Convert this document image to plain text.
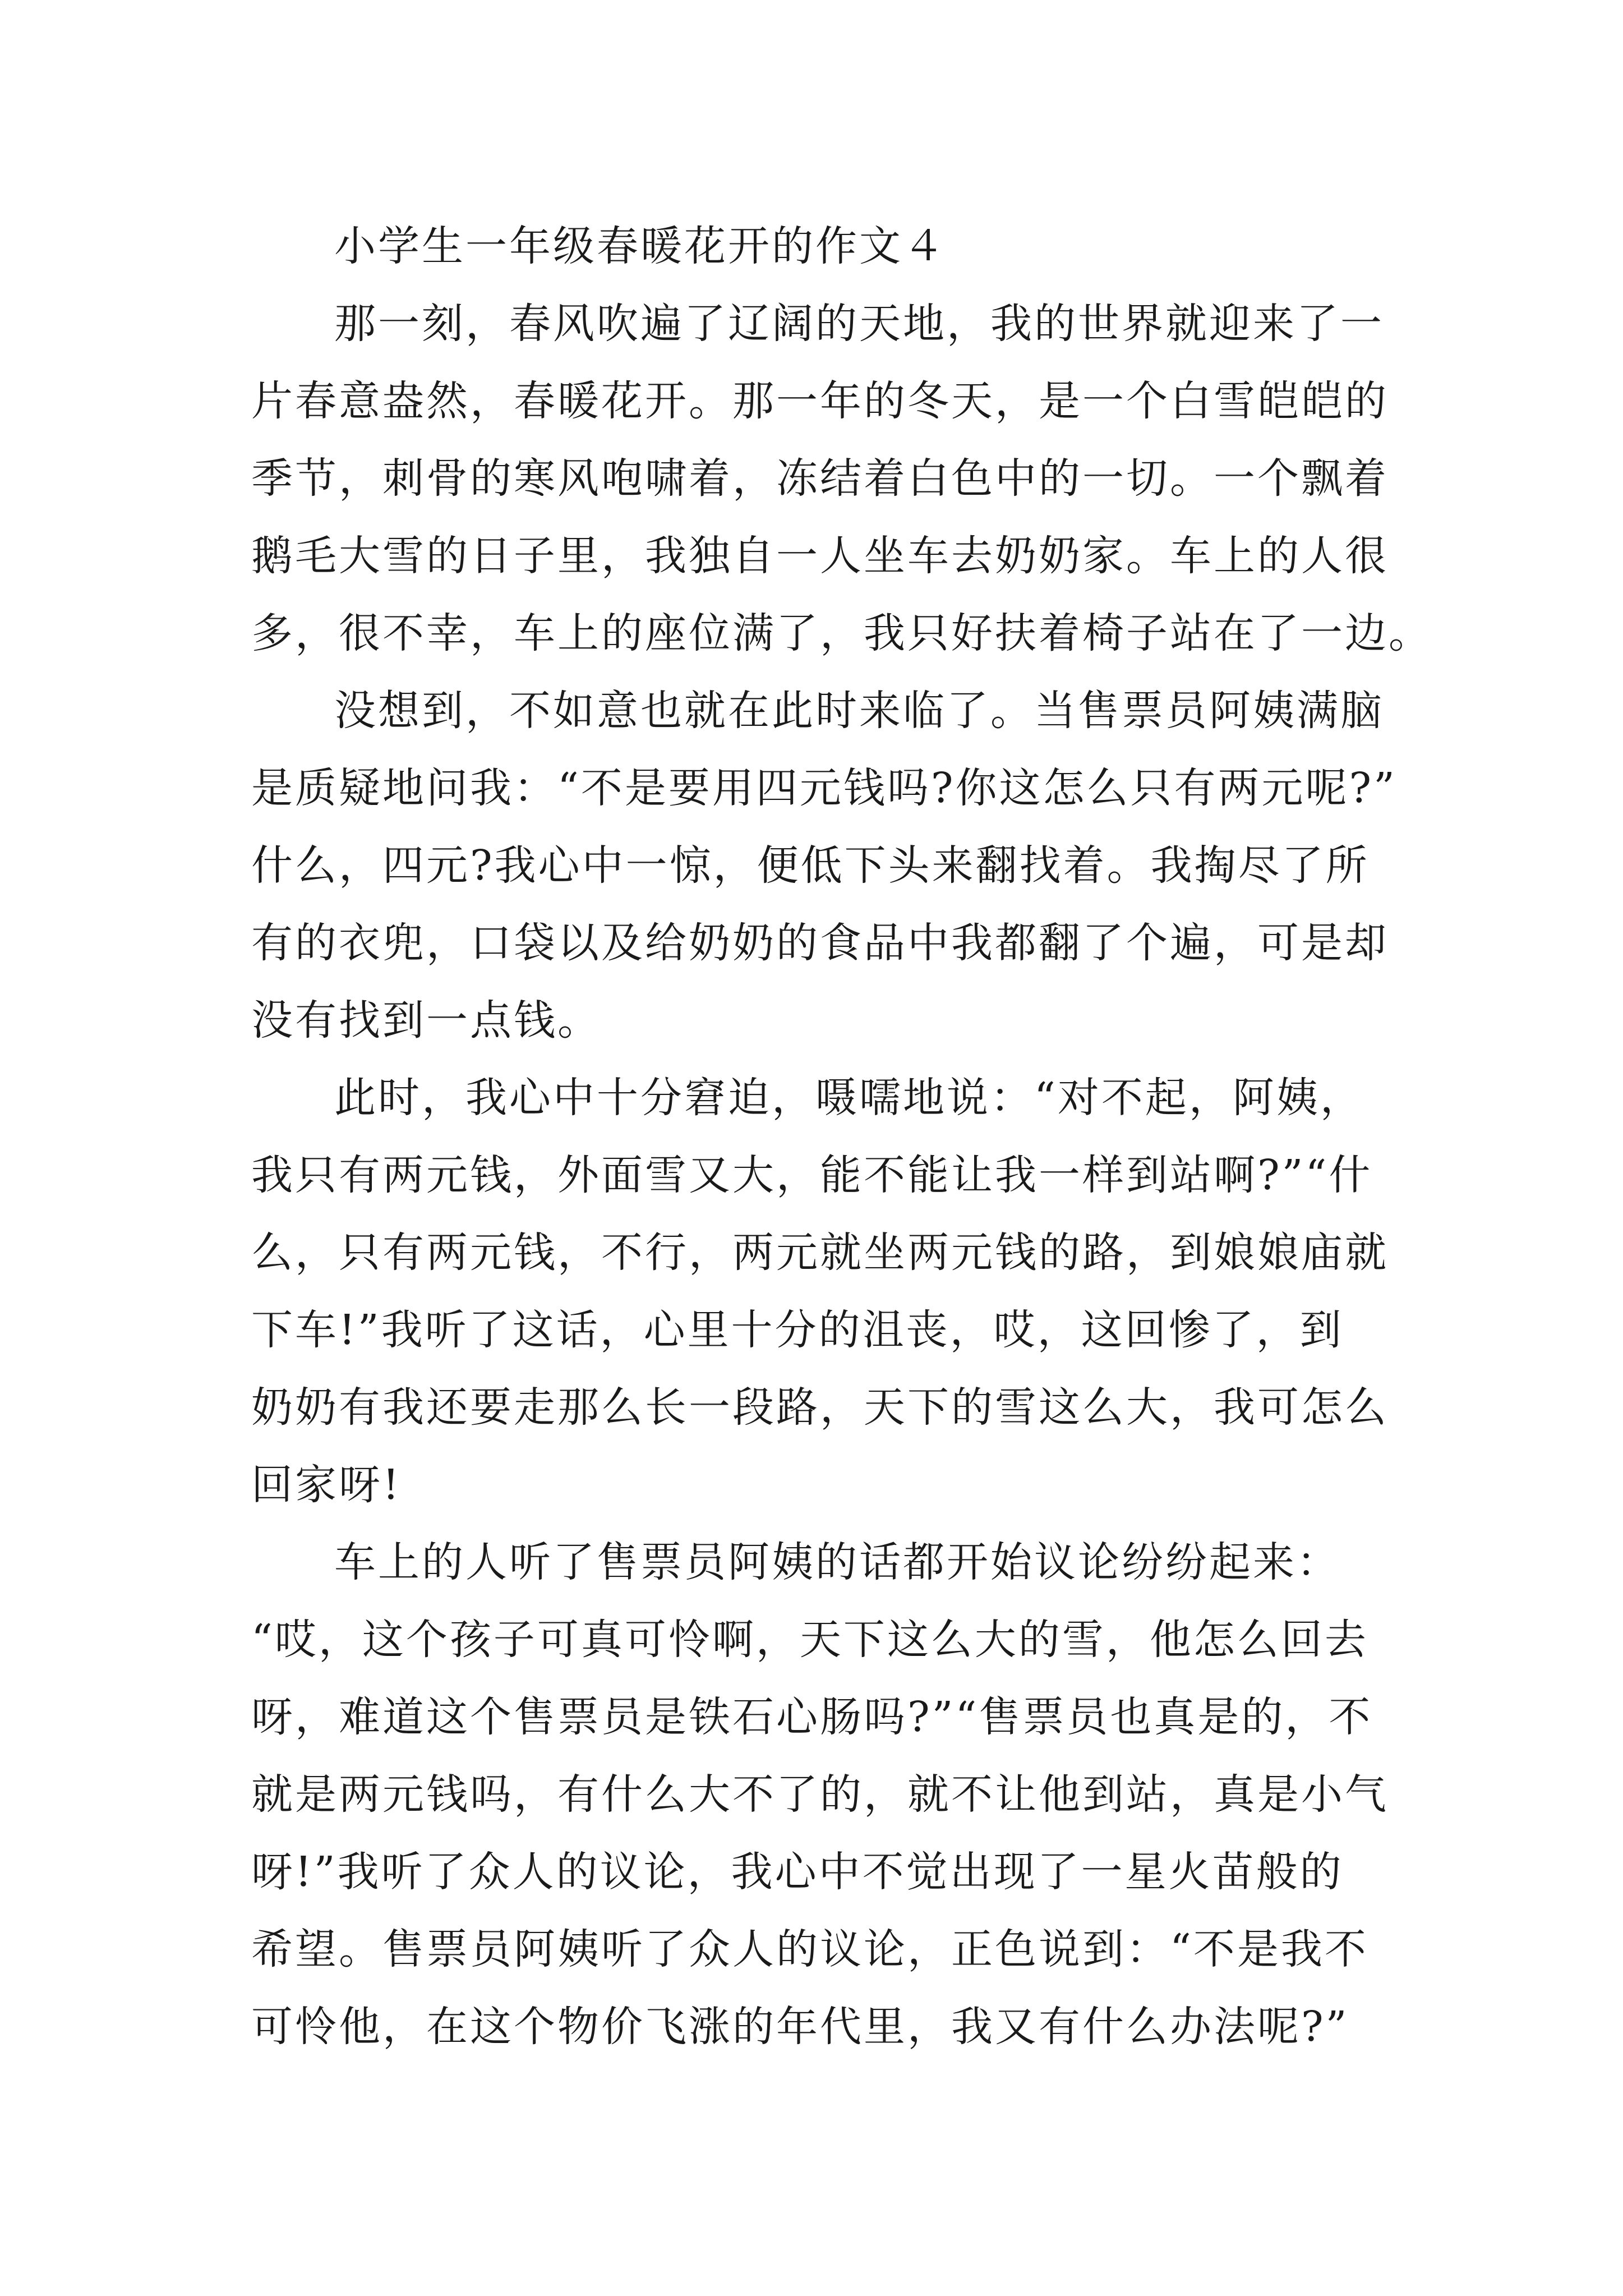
小学生一年级春暖花开的作文４

那一刻，春风吹遍了辽阔的天地，我的世界就迎来了一
片春意盎然，春暖花开。那一年的冬天，是一个白雪皑皑的
季节，刺骨的寒风咆啸着，冻结着白色中的一切。一个飘着
鹅毛大雪的日子里，我独自一人坐车去奶奶家。车上的人很
多，很不幸，车上的座位满了，我只好扶着椅子站在了一边。

没想到，不如意也就在此时来临了。当售票员阿姨满脑
是质疑地问我：“不是要用四元钱吗?你这怎么只有两元呢?”
什么，四元?我心中一惊，便低下头来翻找着。我掏尽了所
有的衣兜，口袋以及给奶奶的食品中我都翻了个遍，可是却
没有找到一点钱。

此时，我心中十分窘迫，嗫嚅地说：“对不起，阿姨，
我只有两元钱，外面雪又大，能不能让我一样到站啊?”“什
么，只有两元钱，不行，两元就坐两元钱的路，到娘娘庙就
下车!”我听了这话，心里十分的沮丧，哎，这回惨了，到
奶奶有我还要走那么长一段路，天下的雪这么大，我可怎么
回家呀!

车上的人听了售票员阿姨的话都开始议论纷纷起来：
“哎，这个孩子可真可怜啊，天下这么大的雪，他怎么回去
呀，难道这个售票员是铁石心肠吗?”“售票员也真是的，不
就是两元钱吗，有什么大不了的，就不让他到站，真是小气
呀!”我听了众人的议论，我心中不觉出现了一星火苗般的
希望。售票员阿姨听了众人的议论，正色说到：“不是我不
可怜他，在这个物价飞涨的年代里，我又有什么办法呢?”
